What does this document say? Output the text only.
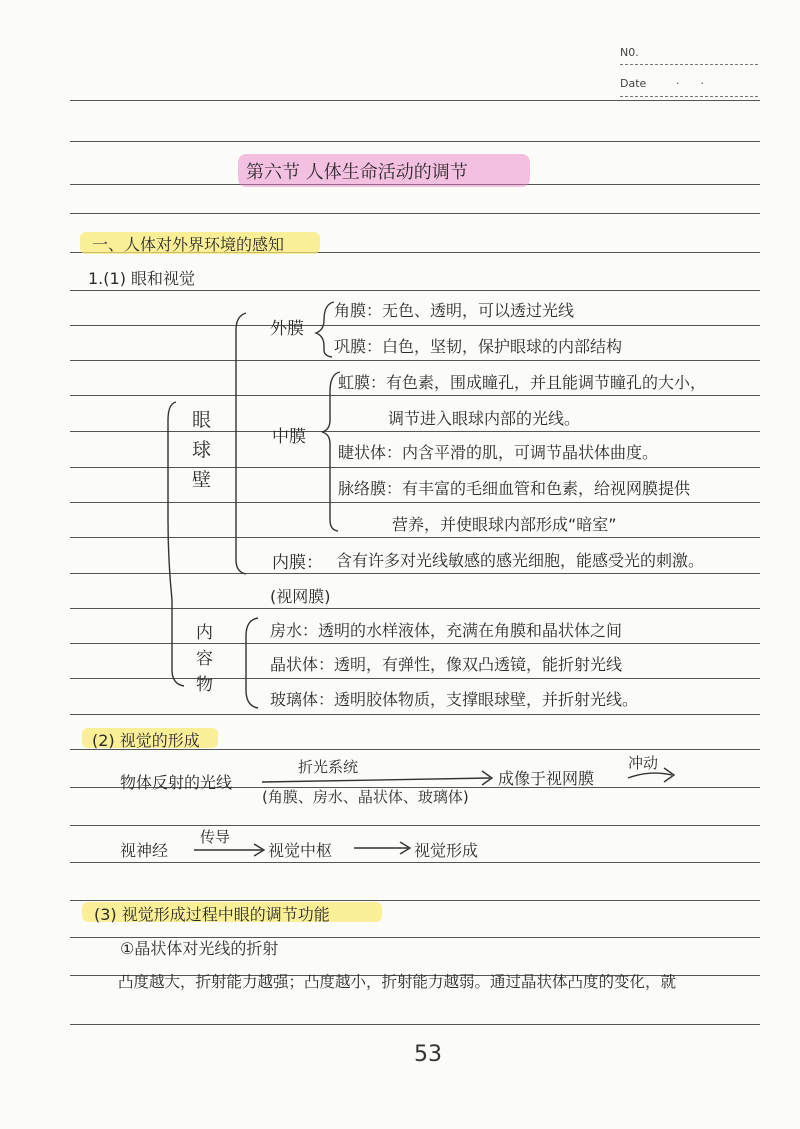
N0.
Date	·      ·
第六节 人体生命活动的调节
一、人体对外界环境的感知
1.(1) 眼和视觉
眼球壁
内容物
外膜
角膜：无色、透明，可以透过光线
巩膜：白色，坚韧，保护眼球的内部结构
中膜
虹膜：有色素，围成瞳孔，并且能调节瞳孔的大小，
调节进入眼球内部的光线。
睫状体：内含平滑的肌，可调节晶状体曲度。
脉络膜：有丰富的毛细血管和色素，给视网膜提供
营养，并使眼球内部形成“暗室”
内膜： 含有许多对光线敏感的感光细胞，能感受光的刺激。
(视网膜)
房水：透明的水样液体，充满在角膜和晶状体之间
晶状体：透明，有弹性，像双凸透镜，能折射光线
玻璃体：透明胶体物质，支撑眼球壁，并折射光线。
(2) 视觉的形成
物体反射的光线
折光系统
(角膜、房水、晶状体、玻璃体)
成像于视网膜
冲动
视神经
传导
视觉中枢	视觉形成
(3) 视觉形成过程中眼的调节功能
①晶状体对光线的折射
凸度越大，折射能力越强；凸度越小，折射能力越弱。通过晶状体凸度的变化，就
53
